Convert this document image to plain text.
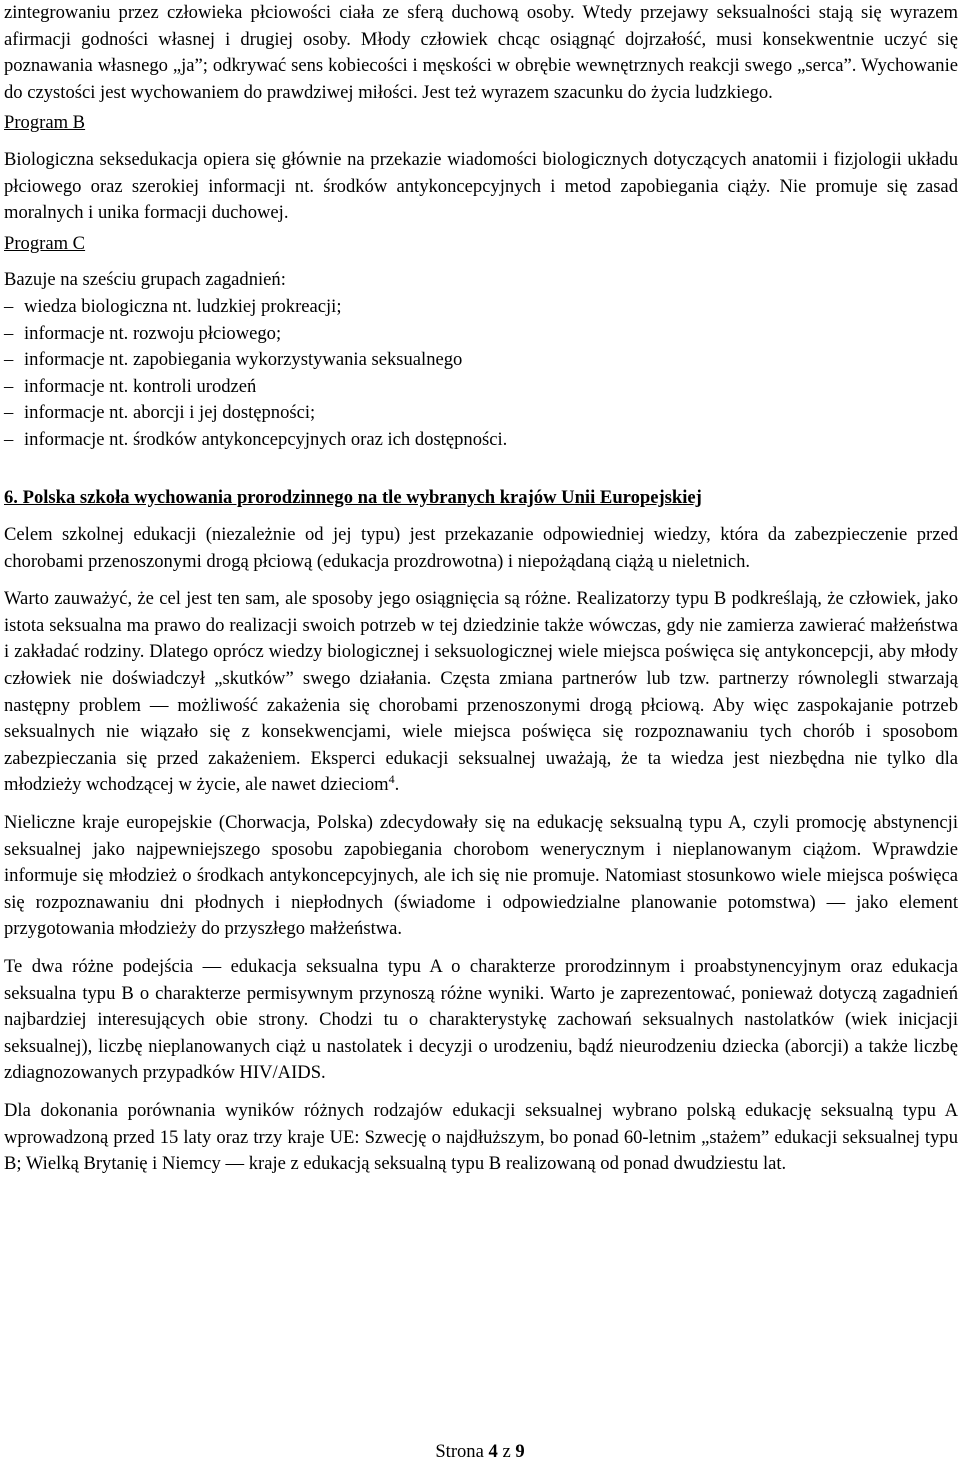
zintegrowaniu przez człowieka płciowości ciała ze sferą duchową osoby. Wtedy przejawy seksualności stają się wyrazem afirmacji godności własnej i drugiej osoby. Młody człowiek chcąc osiągnąć dojrzałość, musi konsekwentnie uczyć się poznawania własnego „ja”; odkrywać sens kobiecości i męskości w obrębie wewnętrznych reakcji swego „serca”. Wychowanie do czystości jest wychowaniem do prawdziwej miłości. Jest też wyrazem szacunku do życia ludzkiego.

Program B

Biologiczna seksedukacja opiera się głównie na przekazie wiadomości biologicznych dotyczących anatomii i fizjologii układu płciowego oraz szerokiej informacji nt. środków antykoncepcyjnych i metod zapobiegania ciąży. Nie promuje się zasad moralnych i unika formacji duchowej.

Program C

Bazuje na sześciu grupach zagadnień:

– wiedza biologiczna nt. ludzkiej prokreacji;
– informacje nt. rozwoju płciowego;
– informacje nt. zapobiegania wykorzystywania seksualnego
– informacje nt. kontroli urodzeń
– informacje nt. aborcji i jej dostępności;
– informacje nt. środków antykoncepcyjnych oraz ich dostępności.

6. Polska szkoła wychowania prorodzinnego na tle wybranych krajów Unii Europejskiej

Celem szkolnej edukacji (niezależnie od jej typu) jest przekazanie odpowiedniej wiedzy, która da zabezpieczenie przed chorobami przenoszonymi drogą płciową (edukacja prozdrowotna) i niepożądaną ciążą u nieletnich.

Warto zauważyć, że cel jest ten sam, ale sposoby jego osiągnięcia są różne. Realizatorzy typu B podkreślają, że człowiek, jako istota seksualna ma prawo do realizacji swoich potrzeb w tej dziedzinie także wówczas, gdy nie zamierza zawierać małżeństwa i zakładać rodziny. Dlatego oprócz wiedzy biologicznej i seksuologicznej wiele miejsca poświęca się antykoncepcji, aby młody człowiek nie doświadczył „skutków” swego działania. Częsta zmiana partnerów lub tzw. partnerzy równolegli stwarzają następny problem — możliwość zakażenia się chorobami przenoszonymi drogą płciową. Aby więc zaspokajanie potrzeb seksualnych nie wiązało się z konsekwencjami, wiele miejsca poświęca się rozpoznawaniu tych chorób i sposobom zabezpieczania się przed zakażeniem. Eksperci edukacji seksualnej uważają, że ta wiedza jest niezbędna nie tylko dla młodzieży wchodzącej w życie, ale nawet dzieciom$^4$.

Nieliczne kraje europejskie (Chorwacja, Polska) zdecydowały się na edukację seksualną typu A, czyli promocję abstynencji seksualnej jako najpewniejszego sposobu zapobiegania chorobom wenerycznym i nieplanowanym ciążom. Wprawdzie informuje się młodzież o środkach antykoncepcyjnych, ale ich się nie promuje. Natomiast stosunkowo wiele miejsca poświęca się rozpoznawaniu dni płodnych i niepłodnych (świadome i odpowiedzialne planowanie potomstwa) — jako element przygotowania młodzieży do przyszłego małżeństwa.

Te dwa różne podejścia — edukacja seksualna typu A o charakterze prorodzinnym i proabstynencyjnym oraz edukacja seksualna typu B o charakterze permisywnym przynoszą różne wyniki. Warto je zaprezentować, ponieważ dotyczą zagadnień najbardziej interesujących obie strony. Chodzi tu o charakterystykę zachowań seksualnych nastolatków (wiek inicjacji seksualnej), liczbę nieplanowanych ciąż u nastolatek i decyzji o urodzeniu, bądź nieurodzeniu dziecka (aborcji) a także liczbę zdiagnozowanych przypadków HIV/AIDS.

Dla dokonania porównania wyników różnych rodzajów edukacji seksualnej wybrano polską edukację seksualną typu A wprowadzoną przed 15 laty oraz trzy kraje UE: Szwecję o najdłuższym, bo ponad 60-letnim „stażem” edukacji seksualnej typu B; Wielką Brytanię i Niemcy — kraje z edukacją seksualną typu B realizowaną od ponad dwudziestu lat.

Strona 4 z 9
